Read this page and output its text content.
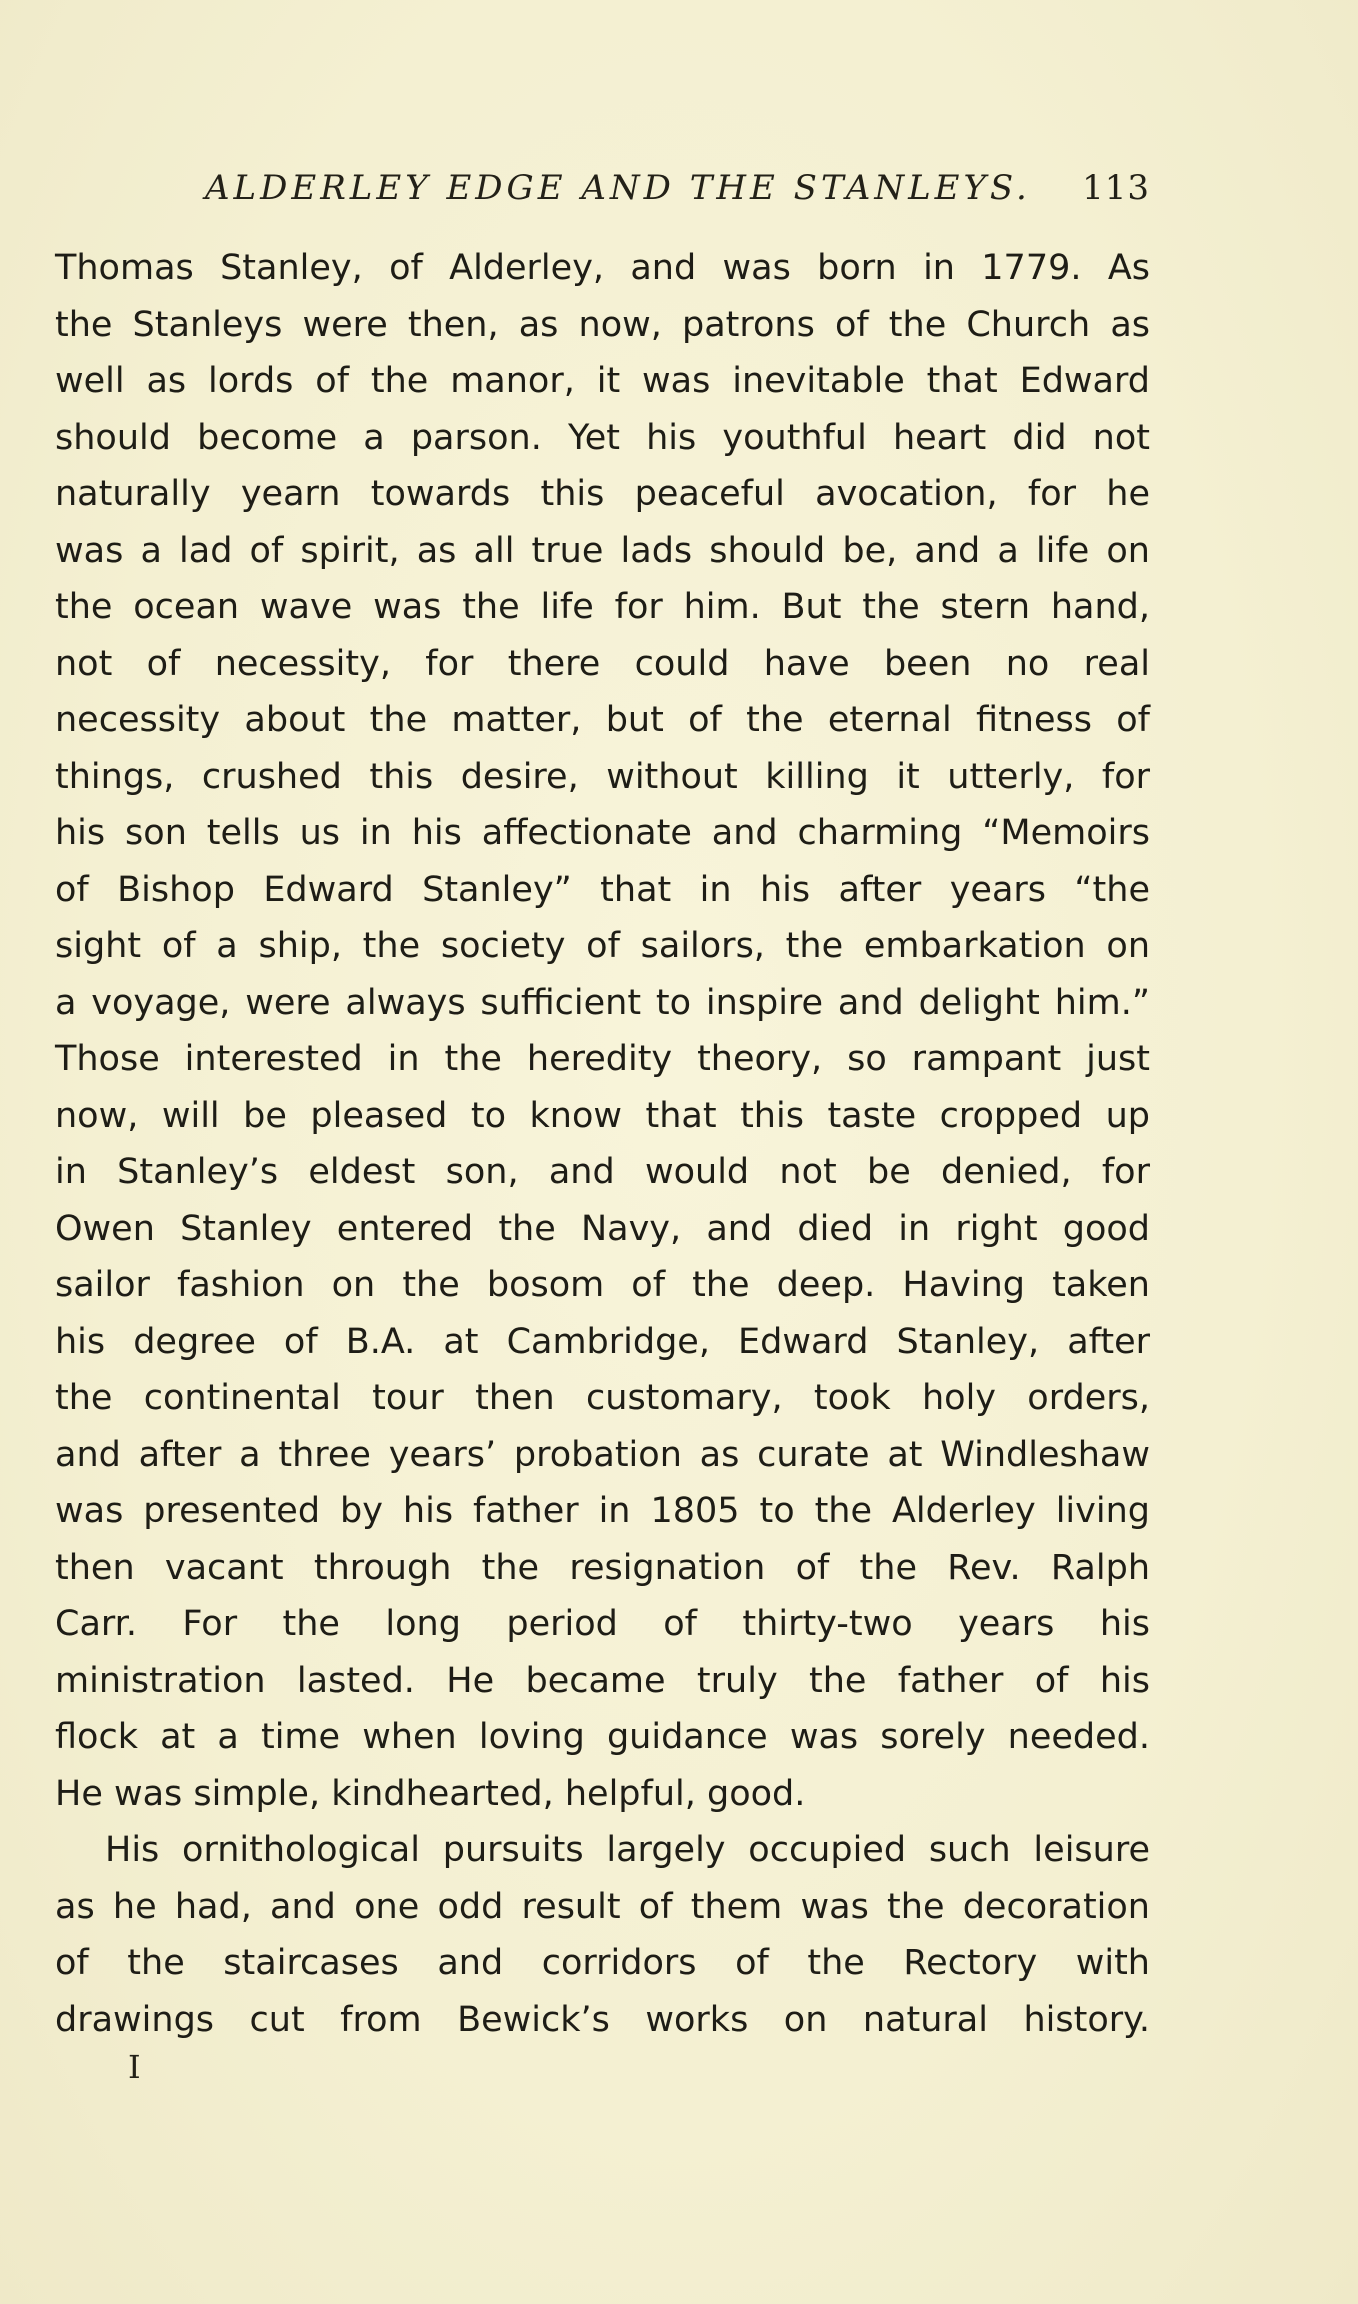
ALDERLEY EDGE AND THE STANLEYS. 113
Thomas Stanley, of Alderley, and was born in 1779. As
the Stanleys were then, as now, patrons of the Church as
well as lords of the manor, it was inevitable that Edward
should become a parson. Yet his youthful heart did not
naturally yearn towards this peaceful avocation, for he
was a lad of spirit, as all true lads should be, and a life on
the ocean wave was the life for him. But the stern hand,
not of necessity, for there could have been no real
necessity about the matter, but of the eternal fitness of
things, crushed this desire, without killing it utterly, for
his son tells us in his affectionate and charming “Memoirs
of Bishop Edward Stanley” that in his after years “the
sight of a ship, the society of sailors, the embarkation on
a voyage, were always sufficient to inspire and delight him.”
Those interested in the heredity theory, so rampant just
now, will be pleased to know that this taste cropped up
in Stanley’s eldest son, and would not be denied, for
Owen Stanley entered the Navy, and died in right good
sailor fashion on the bosom of the deep. Having taken
his degree of B.A. at Cambridge, Edward Stanley, after
the continental tour then customary, took holy orders,
and after a three years’ probation as curate at Windleshaw
was presented by his father in 1805 to the Alderley living
then vacant through the resignation of the Rev. Ralph
Carr. For the long period of thirty-two years his
ministration lasted. He became truly the father of his
flock at a time when loving guidance was sorely needed.
He was simple, kindhearted, helpful, good.
His ornithological pursuits largely occupied such leisure
as he had, and one odd result of them was the decoration
of the staircases and corridors of the Rectory with
drawings cut from Bewick’s works on natural history.
I
